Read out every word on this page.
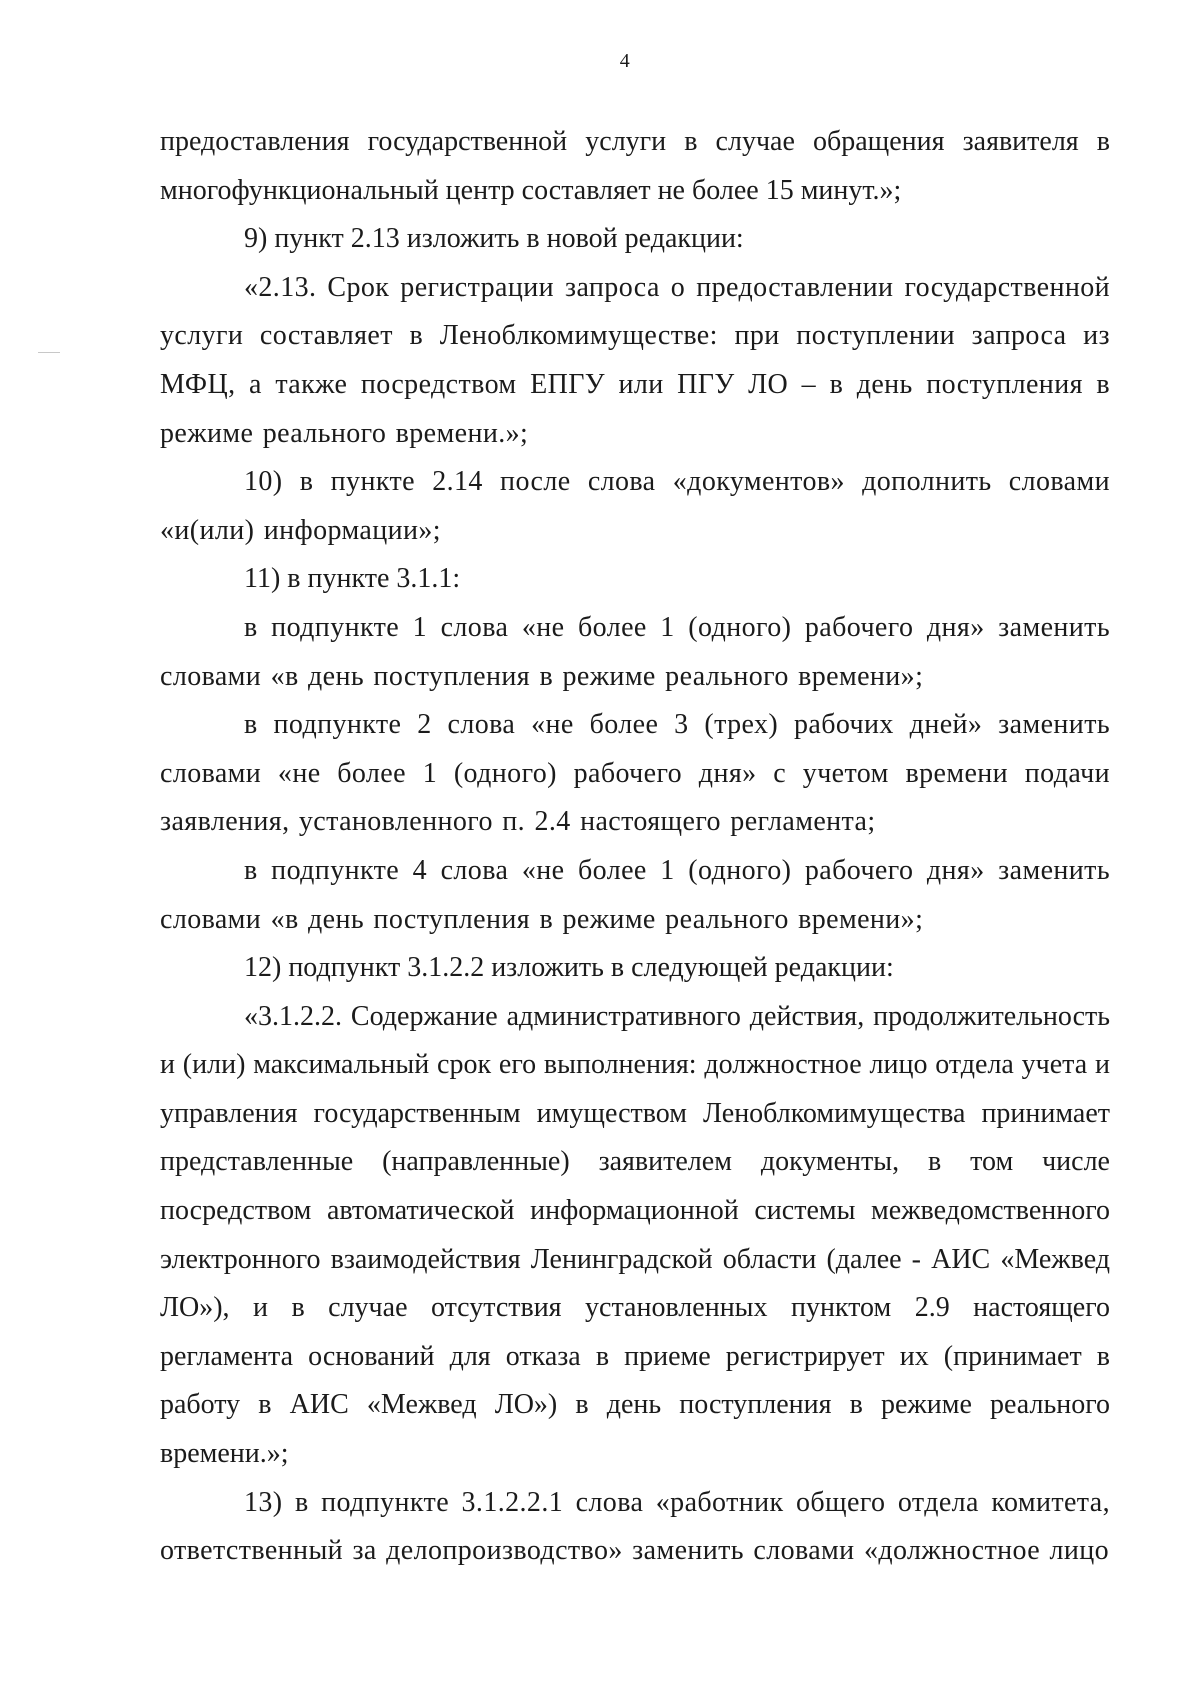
4

предоставления государственной услуги в случае обращения заявителя в многофункциональный центр составляет не более 15 минут.»;

9) пункт 2.13 изложить в новой редакции:

«2.13. Срок регистрации запроса о предоставлении государственной услуги составляет в Леноблкомимуществе: при поступлении запроса из МФЦ, а также посредством ЕПГУ или ПГУ ЛО – в день поступления в режиме реального времени.»;

10) в пункте 2.14 после слова «документов» дополнить словами «и(или) информации»;

11) в пункте 3.1.1:

в подпункте 1 слова «не более 1 (одного) рабочего дня» заменить словами «в день поступления в режиме реального времени»;

в подпункте 2 слова «не более 3 (трех) рабочих дней» заменить словами «не более 1 (одного) рабочего дня» с учетом времени подачи заявления, установленного п. 2.4 настоящего регламента;

в подпункте 4 слова «не более 1 (одного) рабочего дня» заменить словами «в день поступления в режиме реального времени»;

12) подпункт 3.1.2.2 изложить в следующей редакции:

«3.1.2.2. Содержание административного действия, продолжительность и (или) максимальный срок его выполнения: должностное лицо отдела учета и управления государственным имуществом Леноблкомимущества принимает представленные (направленные) заявителем документы, в том числе посредством автоматической информационной системы межведомственного электронного взаимодействия Ленинградской области (далее - АИС «Межвед ЛО»), и в случае отсутствия установленных пунктом 2.9 настоящего регламента оснований для отказа в приеме регистрирует их (принимает в работу в АИС «Межвед ЛО») в день поступления в режиме реального времени.»;

13) в подпункте 3.1.2.2.1 слова «работник общего отдела комитета, ответственный за делопроизводство» заменить словами «должностное лицо
